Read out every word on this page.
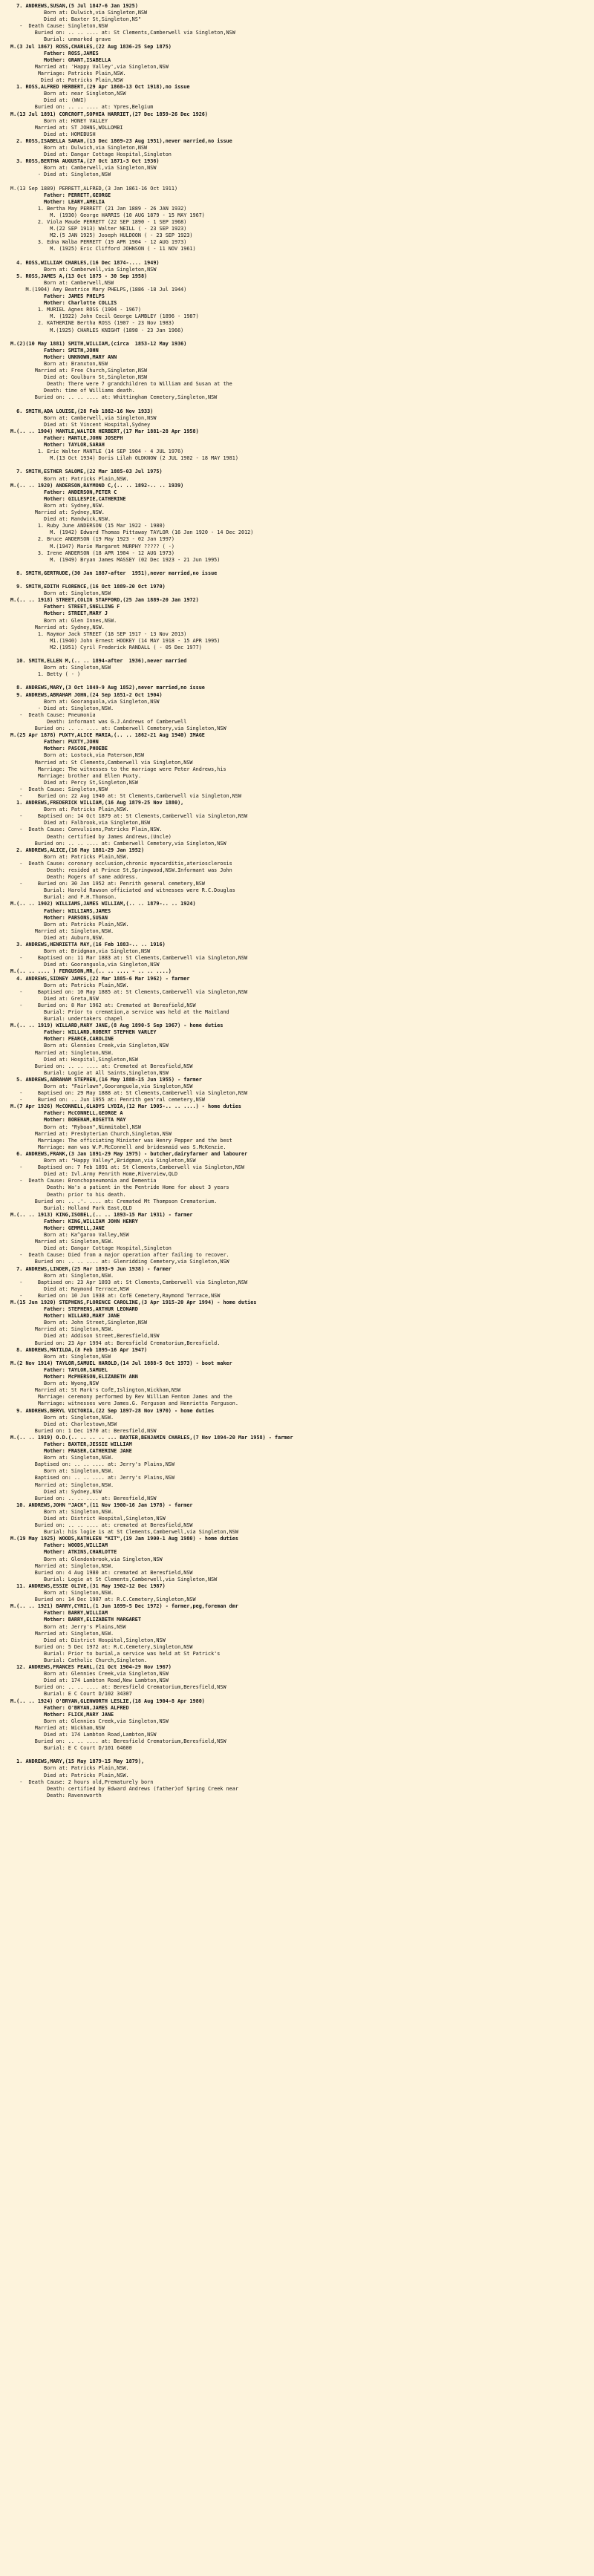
7. ANDREWS,SUSAN,(5 Jul 1847-6 Jan 1925)
Born at: Dulwich,via Singleton,NSW
Died at: Baxter St,Singleton,NS"
-  Death Cause: Singleton,NSW
Buried on: .. .. .... at: St Clements,Camberwell via Singleton,NSW
Burial: unmarked grave
M.(3 Jul 1867) ROSS,CHARLES,(22 Aug 1836-25 Sep 1875)
Father: ROSS,JAMES
Mother: GRANT,ISABELLA
Married at: 'Happy Valley',via Singleton,NSW
Marriage: Patricks Plain,NSW.
Died at: Patricks Plain,NSW
1. ROSS,ALFRED HERBERT,(29 Apr 1868-13 Oct 1918),no issue
Born at: near Singleton,NSW
Died at: (WWI)
Buried on: .. .. .... at: Ypres,Belgium
M.(13 Jul 1891) CORCROFT,SOPHIA HARRIET,(27 Dec 1859-26 Dec 1926)
Born at: HONEY VALLEY
Married at: ST JOHNS,WOLLOMBI
Died at: HOMEBUSH
2. ROSS,ISABELLA SARAH,(13 Dec 1869-23 Aug 1951),never married,no issue
Born at: Dulwich,via Singleton,NSW
Died at: Dangar Cottage Hospital,Singleton
3. ROSS,BERTHA AUGUSTA,(27 Oct 1871-3 Oct 1936)
Born at: Camberwell,via Singleton,NSW
- Died at: Singleton,NSW
M.(13 Sep 1889) PERRETT,ALFRED,(3 Jan 1861-16 Oct 1911)
Father: PERRETT,GEORGE
Mother: LEARY,AMELIA
1. Bertha May PERRETT (21 Jan 1889 - 26 JAN 1932)
M. (1930) George HARRIS (10 AUG 1879 - 15 MAY 1967)
2. Viola Maude PERRETT (22 SEP 1890 - 1 SEP 1968)
M.(22 SEP 1913) Walter NEILL ( - 23 SEP 1923)
M2.(5 JAN 1925) Joseph HULDOON ( - 23 SEP 1923)
3. Edna Walba PERRETT (19 APR 1904 - 12 AUG 1973)
M. (1925) Eric Clifford JOHNSON ( - 11 NOV 1961)
4. ROSS,WILLIAM CHARLES,(16 Dec 1874-.... 1949)
Born at: Camberwell,via Singleton,NSW
5. ROSS,JAMES A,(13 Oct 1875 - 30 Sep 1958)
Born at: Camberwell,NSW
M.(1904) Amy Beatrice Mary PHELPS,(1886 -18 Jul 1944)
Father: JAMES PHELPS
Mother: Charlotte COLLIS
1. MURIEL Agnes ROSS (1904 - 1967)
M. (1922) John Cecil George LAMBLEY (1896 - 1987)
2. KATHERINE Bertha ROSS (1907 - 23 Nov 1983)
M.(1925) CHARLES KNIGHT (1898 - 23 Jan 1966)
M.(2)(10 May 1881) SMITH,WILLIAM,(circa  1853-12 May 1936)
Father: SMITH,JOHN
Mother: UNKNOWN,MARY ANN
Born at: Branxton,NSW
Married at: Free Church,Singleton,NSW
Died at: Goulburn St,Singleton,NSW
Death: There were 7 grandchildren to William and Susan at the
Death: time of Williams death.
Buried on: .. .. .... at: Whittingham Cemetery,Singleton,NSW
6. SMITH,ADA LOUISE,(28 Feb 1882-16 Nov 1933)
Born at: Camberwell,via Singleton,NSW
Died at: St Vincent Hospital,Sydney
M.(.. .. 1904) MANTLE,WALTER HERBERT,(17 Mar 1881-28 Apr 1958)
Father: MANTLE,JOHN JOSEPH
Mother: TAYLOR,SARAH
1. Eric Walter MANTLE (14 SEP 1904 - 4 JUL 1976)
M.(13 Oct 1934) Doris Lilah OLDKNOW (2 JUL 1902 - 18 MAY 1981)
7. SMITH,ESTHER SALOME,(22 Mar 1885-03 Jul 1975)
Born at: Patricks Plain,NSW.
M.(.. .. 1920) ANDERSON,RAYMOND C,(.. .. 1892-.. .. 1939)
Father: ANDERSON,PETER C
Mother: GILLESPIE,CATHERINE
Born at: Sydney,NSW.
Married at: Sydney,NSW.
Died at: Randwick,NSW.
1. Ruby June ANDERSON (15 Mar 1922 - 1980)
M. (1942) Edward Thomas Pittaway TAYLOR (16 Jan 1920 - 14 Dec 2012)
2. Bruce ANDERSON (19 May 1923 - 02 Jan 1997)
M.(1947) Marie Margaret MURPHY ????? ( -)
3. Irene ANDERSON (18 APR 1904 - 12 AUG 1973)
M. (1949) Bryan James MASSEY (02 Dec 1923 - 21 Jun 1995)
8. SMITH,GERTRUDE,(30 Jan 1887-after  1951),never married,no issue
9. SMITH,EDITH FLORENCE,(16 Oct 1889-20 Oct 1970)
Born at: Singleton,NSW
M.(.. .. 1918) STREET,COLIN STAFFORD,(25 Jan 1889-20 Jan 1972)
Father: STREET,SNELLING F
Mother: STREET,MARY J
Born at: Glen Innes,NSW.
Married at: Sydney,NSW.
1. Raymor Jack STREET (18 SEP 1917 - 13 Nov 2013)
M1.(1940) John Ernest HOOKEY (14 MAY 1918 - 15 APR 1995)
M2.(1951) Cyril Frederick RANDALL ( - 05 Dec 1977)
10. SMITH,ELLEN M,(.. .. 1894-after  1936),never married
Born at: Singleton,NSW
1. Betty ( - )
8. ANDREWS,MARY,(3 Oct 1849-9 Aug 1852),never married,no issue
9. ANDREWS,ABRAHAM JOHN,(24 Sep 1851-2 Oct 1904)
Born at: Gooranguola,via Singleton,NSW
- Died at: Singleton,NSW.
-  Death Cause: Pneumonia
Death: informant was G.J.Andrews of Camberwell
Buried on: .. .. .... at: Camberwell Cemetery,via Singleton,NSW
M.(25 Apr 1878) PUXTY,ALICE MARIA,(.. .. 1862-21 Aug 1940) IMAGE
Father: PUXTY,JOHN
Mother: PASCOE,PHOEBE
Born at: Lostock,via Paterson,NSW
Married at: St Clements,Camberwell via Singleton,NSW
Marriage: The witnesses to the marriage were Peter Andrews,his
Marriage: brother and Ellen Puxty.
Died at: Percy St,Singleton,NSW
-  Death Cause: Singleton,NSW
-     Buried on: 22 Aug 1940 at: St Clements,Camberwell via Singleton,NSW
1. ANDREWS,FREDERICK WILLIAM,(16 Aug 1879-25 Nov 1880),
Born at: Patricks Plain,NSW.
-     Baptised on: 14 Oct 1879 at: St Clements,Camberwell via Singleton,NSW
Died at: Falbrook,via Singleton,NSW
-  Death Cause: Convulsions,Patricks Plain,NSW.
Death: certified by James Andrews,(Uncle)
Buried on: .. .. .... at: Camberwell Cemetery,via Singleton,NSW
2. ANDREWS,ALICE,(16 May 1881-29 Jan 1952)
Born at: Patricks Plain,NSW.
-  Death Cause: coronary occlusion,chronic myocarditis,ateriosclerosis
Death: resided at Prince St,Springwood,NSW.Informant was John
Death: Rogers of same address.
-     Buried on: 30 Jan 1952 at: Penrith general cemetery,NSW
Burial: Harold Rawson officiated and witnesses were R.C.Douglas
Burial: and F.H.Thomson.
M.(.. .. 1902) WILLIAMS,JAMES WILLIAM,(.. .. 1879-.. .. 1924)
Father: WILLIAMS,JAMES
Mother: PARSONS,SUSAN
Born at: Patricks Plain,NSW.
Married at: Singleton,NSW.
Died at: Auburn,NSW.
3. ANDREWS,HENRIETTA MAY,(16 Feb 1883-.. .. 1916)
Born at: Bridgman,via Singleton,NSW
-     Baptised on: 11 Mar 1883 at: St Clements,Camberwell via Singleton,NSW
Died at: Gooranguola,via Singleton,NSW
M.(.. .. .... ) FERGUSON,MR,(.. .. .... - .. .. ....)
4. ANDREWS,SIDNEY JAMES,(22 Mar 1885-6 Mar 1962) - farmer
Born at: Patricks Plain,NSW.
-     Baptised on: 10 May 1885 at: St Clements,Camberwell via Singleton,NSW
Died at: Greta,NSW
-     Buried on: 8 Mar 1962 at: Cremated at Beresfield,NSW
Burial: Prior to cremation,a service was held at the Maitland
Burial: undertakers chapel
M.(.. .. 1919) WILLARD,MARY JANE,(8 Aug 1890-5 Sep 1967) - home duties
Father: WILLARD,ROBERT STEPHEN VARLEY
Mother: PEARCE,CAROLINE
Born at: Glennies Creek,via Singleton,NSW
Married at: Singleton,NSW.
Died at: Hospital,Singleton,NSW
Buried on: .. .. .... at: Cremated at Beresfield,NSW
Burial: Logie at All Saints,Singleton,NSW
5. ANDREWS,ABRAHAM STEPHEN,(16 May 1888-15 Jun 1955) - farmer
Born at: "Fairlawn",Gooranguola,via Singleton,NSW
-     Baptised on: 29 May 1888 at: St Clements,Camberwell via Singleton,NSW
-     Buried on: .. Jun 1955 at: Penrith gen'ral cemetery,NSW
M.(7 Apr 1926) McCONNELL,GLADYS LYDIA,(12 Mar 1905-.. .. ....) - home duties
Father: McCONNELL,GEORGE A
Mother: BOREHAM,ROSETTA MAY
Born at: "Ryboan",Nimmitabel,NSW
Married at: Presbyterian Church,Singleton,NSW
Marriage: The officiating Minister was Henry Pepper and the best
Marriage: man was W.P.McConnell and bridesmaid was S.McKenzie.
6. ANDREWS,FRANK,(3 Jan 1891-29 May 1975) - butcher,dairyfarmer and labourer
Born at: "Happy Valley",Bridgman,via Singleton,NSW
-     Baptised on: 7 Feb 1891 at: St Clements,Camberwell via Singleton,NSW
Died at: Ivl.Army Penrith Home,Riverview,QLD
-  Death Cause: Bronchopneumonia and Dementia
Death: Wa's a patient in the Pentride Home for about 3 years
Death: prior to his death.
Buried on: .. .'. .... at: Cremated Mt Thompson Crematorium.
Burial: Holland Park East,QLD
M.(.. .. 1913) KING,ISOBEL,(.. .. 1893-15 Mar 1931) - farmer
Father: KING,WILLIAM JOHN HENRY
Mother: GEMMELL,JANE
Born at: Ka^garoo Valley,NSW
Married at: Singleton,NSW.
Died at: Dangar Cottage Hospital,Singleton
-  Death Cause: Died from a major operation after failing to recover.
Buried on: .. .. .... at: Glenridding Cemetery,via Singleton,NSW
7. ANDREWS,LINDER,(25 Mar 1893-9 Jun 1938) - farmer
Born at: Singleton,NSW.
-     Baptised on: 23 Apr 1893 at: St Clements,Camberwell via Singleton,NSW
Died at: Raymond Terrace,NSW
-     Buried on: 10 Jun 1938 at: CofE Cemetery,Raymond Terrace,NSW
M.(15 Jun 1920) STEPHENS,FLORENCE CAROLINE,(3 Apr 1915-20 Apr 1994) - home duties
Father: STEPHENS,ARTHUR LEONARD
Mother: WILLARD,MARY JANE
Born at: John Street,Singleton,NSW
Married at: Singleton,NSW.
Died at: Addison Street,Beresfield,NSW
Buried on: 23 Apr 1994 at: Beresfield Crematorium,Beresfield.
8. ANDREWS,MATILDA,(8 Feb 1895-16 Apr 1947)
Born at: Singleton,NSW
M.(2 Nov 1914) TAYLOR,SAMUEL HAROLD,(14 Jul 1888-5 Oct 1973) - boot maker
Father: TAYLOR,SAMUEL
Mother: McPHERSON,ELIZABETH ANN
Born at: Wyong,NSW
Married at: St Mark's CofE,Islington,Wickham,NSW
Marriage: ceremony performed by Rev William Fenton James and the
Marriage: witnesses were James.G. Ferguson and Henrietta Ferguson.
9. ANDREWS,BERYL VICTORIA,(22 Sep 1897-28 Nov 1970) - home duties
Born at: Singleton,NSW.
Died at: Charlestown,NSW
Buried on: 1 Dec 1970 at: Beresfield,NSW
M.(.. .. 1919) O.D.(.. .. .. .. ... BAXTER,BENJAMIN CHARLES,(7 Nov 1894-20 Mar 1958) - farmer
Father: BAXTER,JESSIE WILLIAM
Mother: FRASER,CATHERINE JANE
Born at: Singleton,NSW.
Baptised on: .. .. .... at: Jerry's Plains,NSW
Born at: Singleton,NSW.
Baptised on: .. .. .... at: Jerry's Plains,NSW
Married at: Singleton,NSW.
Died at: Sydney,NSW
Buried on: .. .. .... at: Beresfield,NSW
10. ANDREWS,JOHN "JACK",(11 Nov 1900-16 Jan 1978) - farmer
Born at: Singleton,NSW.
Died at: District Hospital,Singleton,NSW
Buried on: .. .. .... at: cremated at Beresfield,NSW
Burial: his logie is at St Clements,Camberwell,via Singleton,NSW
M.(19 May 1925) WOODS,KATHLEEN "KIT",(19 Jan 1900-1 Aug 1980) - home duties
Father: WOODS,WILLIAM
Mother: ATKINS,CHARLOTTE
Born at: Glendonbrook,via Singleton,NSW
Married at: Singleton,NSW.
Buried on: 4 Aug 1980 at: cremated at Beresfield,NSW
Burial: Logie at St Clements,Camberwell,via Singleton,NSW
11. ANDREWS,ESSIE OLIVE,(31 May 1902-12 Dec 1987)
Born at: Singleton,NSW.
Buried on: 14 Dec 1987 at: R.C.Cemetery,Singleton,NSW
M.(.. .. 1921) BARRY,CYRIL,(1 Jun 1899-5 Dec 1972) - farmer,peg,foreman dmr
Father: BARRY,WILLIAM
Mother: BARRY,ELIZABETH MARGARET
Born at: Jerry's Plains,NSW
Married at: Singleton,NSW.
Died at: District Hospital,Singleton,NSW
Buried on: 5 Dec 1972 at: R.C.Cemetery,Singleton,NSW
Burial: Prior to burial,a service was held at St Patrick's
Burial: Catholic Church,Singleton.
12. ANDREWS,FRANCES PEARL,(21 Oct 1904-29 Nov 1967)
Born at: Glennies Creek,via Singleton,NSW
Died at: 174 Lambton Road,New Lambton,NSW
Buried on: .. .. .... at: Beresfield Crematorium,Beresfield,NSW
Burial: E C Court D/102 34307
M.(.. .. 1924) O'BRYAN,GLENWORTH LESLIE,(18 Aug 1904-8 Apr 1980)
Father: O'BRYAN,JAMES ALFRED
Mother: FLICK,MARY JANE
Born at: Glennies Creek,via Singleton,NSW
Married at: Wickham,NSW
Died at: 174 Lambton Road,Lambton,NSW
Buried on: .. .. .... at: Beresfield Crematorium,Beresfield,NSW
Burial: E C Court D/101 64600
1. ANDREWS,MARY,(15 May 1879-15 May 1879),
Born at: Patricks Plain,NSW.
Died at: Patricks Plain,NSW.
-  Death Cause: 2 hours old,Prematurely born
Death: certified by Edward Andrews (father)of Spring Creek near
Death: Ravensworth
